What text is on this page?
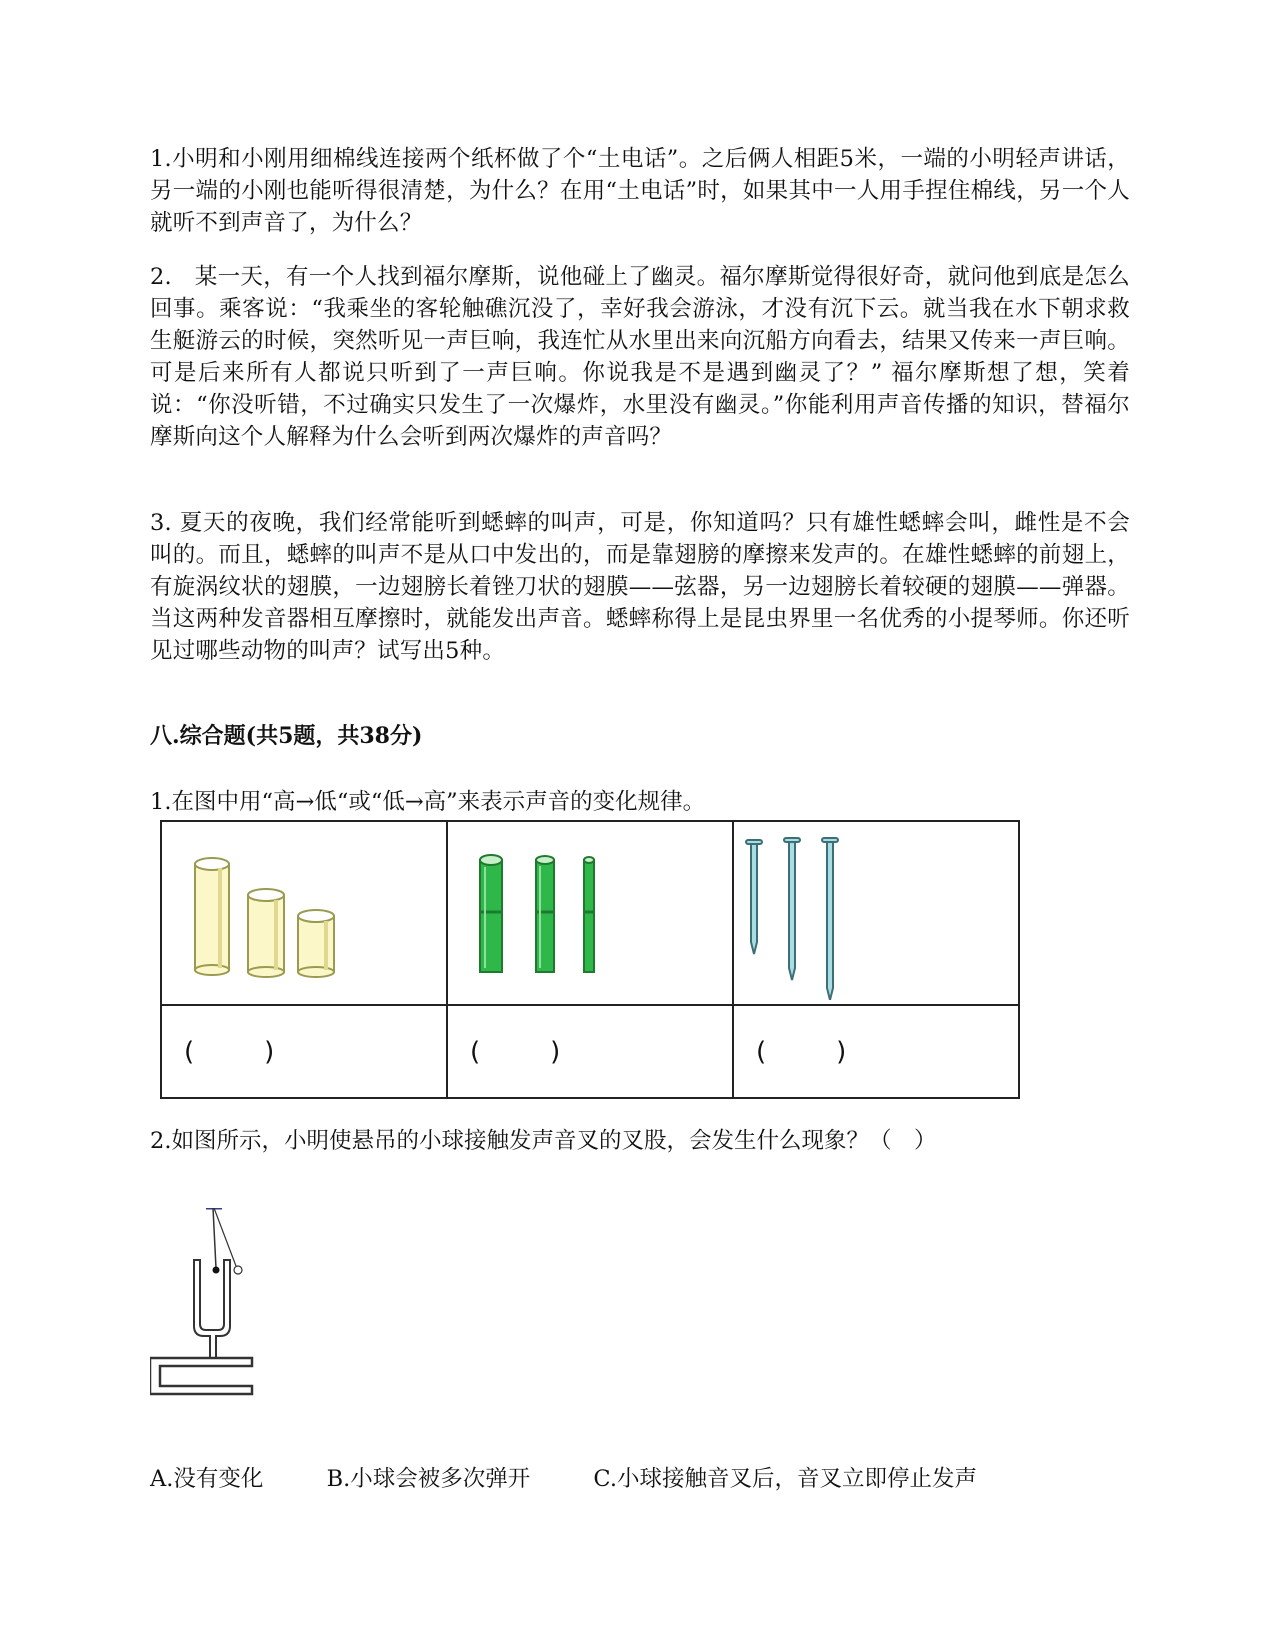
1.小明和小刚用细棉线连接两个纸杯做了个“土电话”。之后俩人相距5米，一端的小明轻声讲话，另一端的小刚也能听得很清楚，为什么？在用“土电话”时，如果其中一人用手捏住棉线，另一个人就听不到声音了，为什么？

2.　某一天，有一个人找到福尔摩斯，说他碰上了幽灵。福尔摩斯觉得很好奇，就问他到底是怎么回事。乘客说：“我乘坐的客轮触礁沉没了，幸好我会游泳，才没有沉下云。就当我在水下朝求救生艇游云的时候，突然听见一声巨响，我连忙从水里出来向沉船方向看去，结果又传来一声巨响。可是后来所有人都说只听到了一声巨响。你说我是不是遇到幽灵了？” 福尔摩斯想了想，笑着说：“你没听错，不过确实只发生了一次爆炸，水里没有幽灵。”你能利用声音传播的知识，替福尔摩斯向这个人解释为什么会听到两次爆炸的声音吗？

3. 夏天的夜晚，我们经常能听到蟋蟀的叫声，可是，你知道吗？只有雄性蟋蟀会叫，雌性是不会叫的。而且，蟋蟀的叫声不是从口中发出的，而是靠翅膀的摩擦来发声的。在雄性蟋蟀的前翅上，有旋涡纹状的翅膜，一边翅膀长着锉刀状的翅膜——弦器，另一边翅膀长着较硬的翅膜——弹器。当这两种发音器相互摩擦时，就能发出声音。蟋蟀称得上是昆虫界里一名优秀的小提琴师。你还听见过哪些动物的叫声？试写出5种。

八.综合题(共5题，共38分)

1.在图中用“高→低“或“低→高”来表示声音的变化规律。

( )	( )	( )

2.如图所示，小明使悬吊的小球接触发声音叉的叉股，会发生什么现象？（　）

A.没有变化	B.小球会被多次弹开	C.小球接触音叉后，音叉立即停止发声
